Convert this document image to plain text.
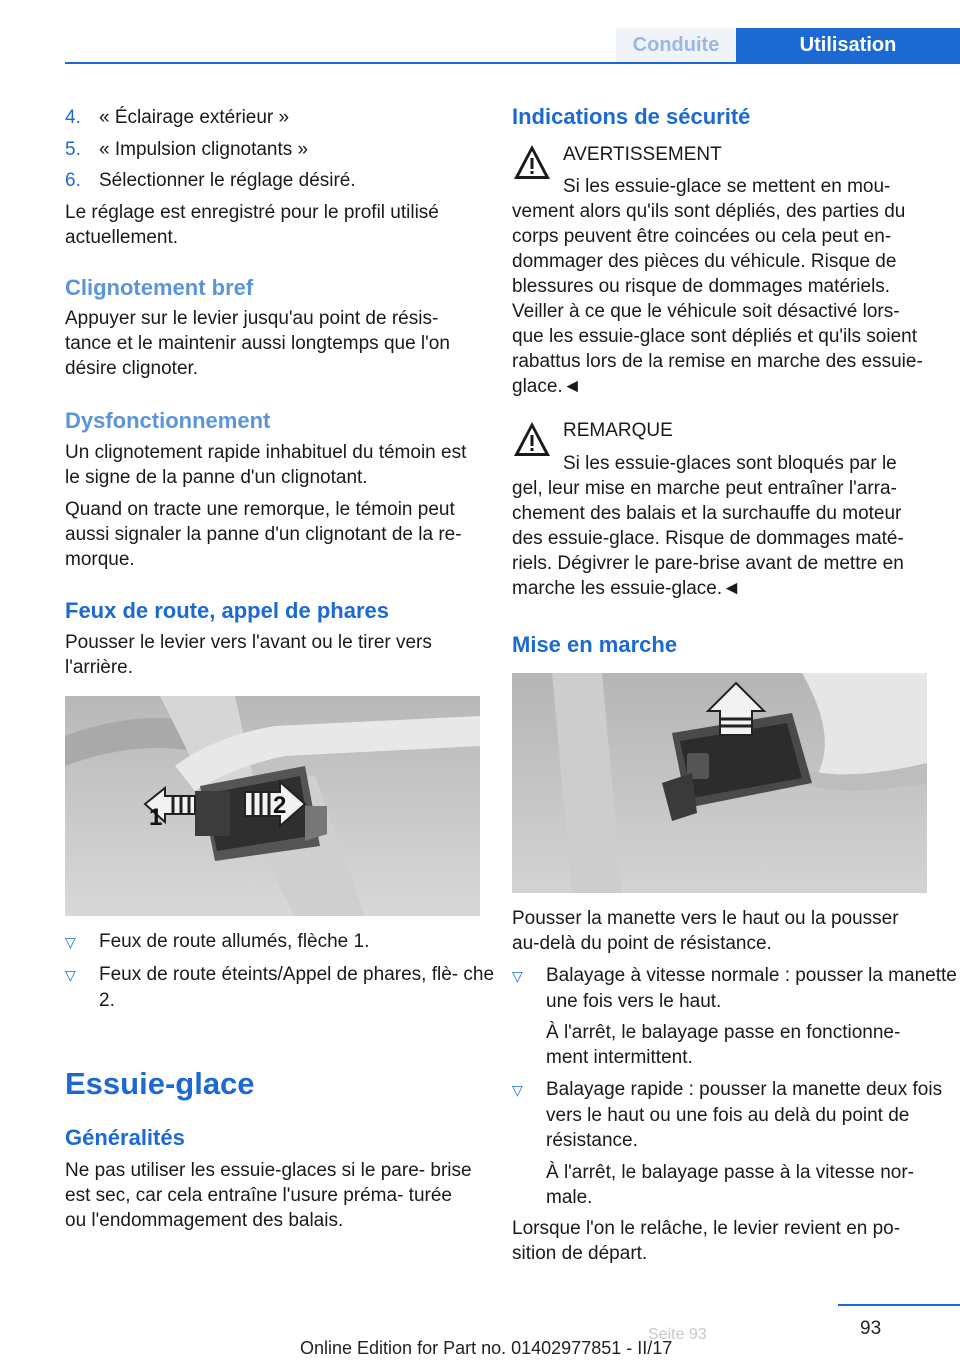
Conduite	Utilisation
4. « Éclairage extérieur »
5. « Impulsion clignotants »
6. Sélectionner le réglage désiré.

Le réglage est enregistré pour le profil utilisé actuellement.

Clignotement bref

Appuyer sur le levier jusqu'au point de résis‐ tance et le maintenir aussi longtemps que l'on désire clignoter.

Dysfonctionnement

Un clignotement rapide inhabituel du témoin est le signe de la panne d'un clignotant.

Quand on tracte une remorque, le témoin peut aussi signaler la panne d'un clignotant de la re‐ morque.

Feux de route, appel de phares

Pousser le levier vers l'avant ou le tirer vers l'arrière.

1	2
▽ Feux de route allumés, flèche 1.
▽ Feux de route éteints/Appel de phares, flè‐ che 2.
Essuie-glace
Généralités

Ne pas utiliser les essuie-glaces si le pare- brise est sec, car cela entraîne l'usure préma‐ turée ou l'endommagement des balais.

Indications de sécurité
AVERTISSEMENT

Si les essuie-glace se mettent en mou‐ vement alors qu'ils sont dépliés, des parties du corps peuvent être coincées ou cela peut en‐ dommager des pièces du véhicule. Risque de blessures ou risque de dommages matériels. Veiller à ce que le véhicule soit désactivé lors‐ que les essuie-glace sont dépliés et qu'ils soient rabattus lors de la remise en marche des essuie-glace.◄

REMARQUE

Si les essuie-glaces sont bloqués par le gel, leur mise en marche peut entraîner l'arra‐ chement des balais et la surchauffe du moteur des essuie-glace. Risque de dommages maté‐ riels. Dégivrer le pare-brise avant de mettre en marche les essuie-glace.◄

Mise en marche

Pousser la manette vers le haut ou la pousser au-delà du point de résistance.

▽ Balayage à vitesse normale : pousser la manette une fois vers le haut.

À l'arrêt, le balayage passe en fonctionne‐ ment intermittent.

▽ Balayage rapide : pousser la manette deux fois vers le haut ou une fois au delà du point de résistance.

À l'arrêt, le balayage passe à la vitesse nor‐ male.

Lorsque l'on le relâche, le levier revient en po‐ sition de départ.

93
Seite 93
Online Edition for Part no. 01402977851 - II/17
